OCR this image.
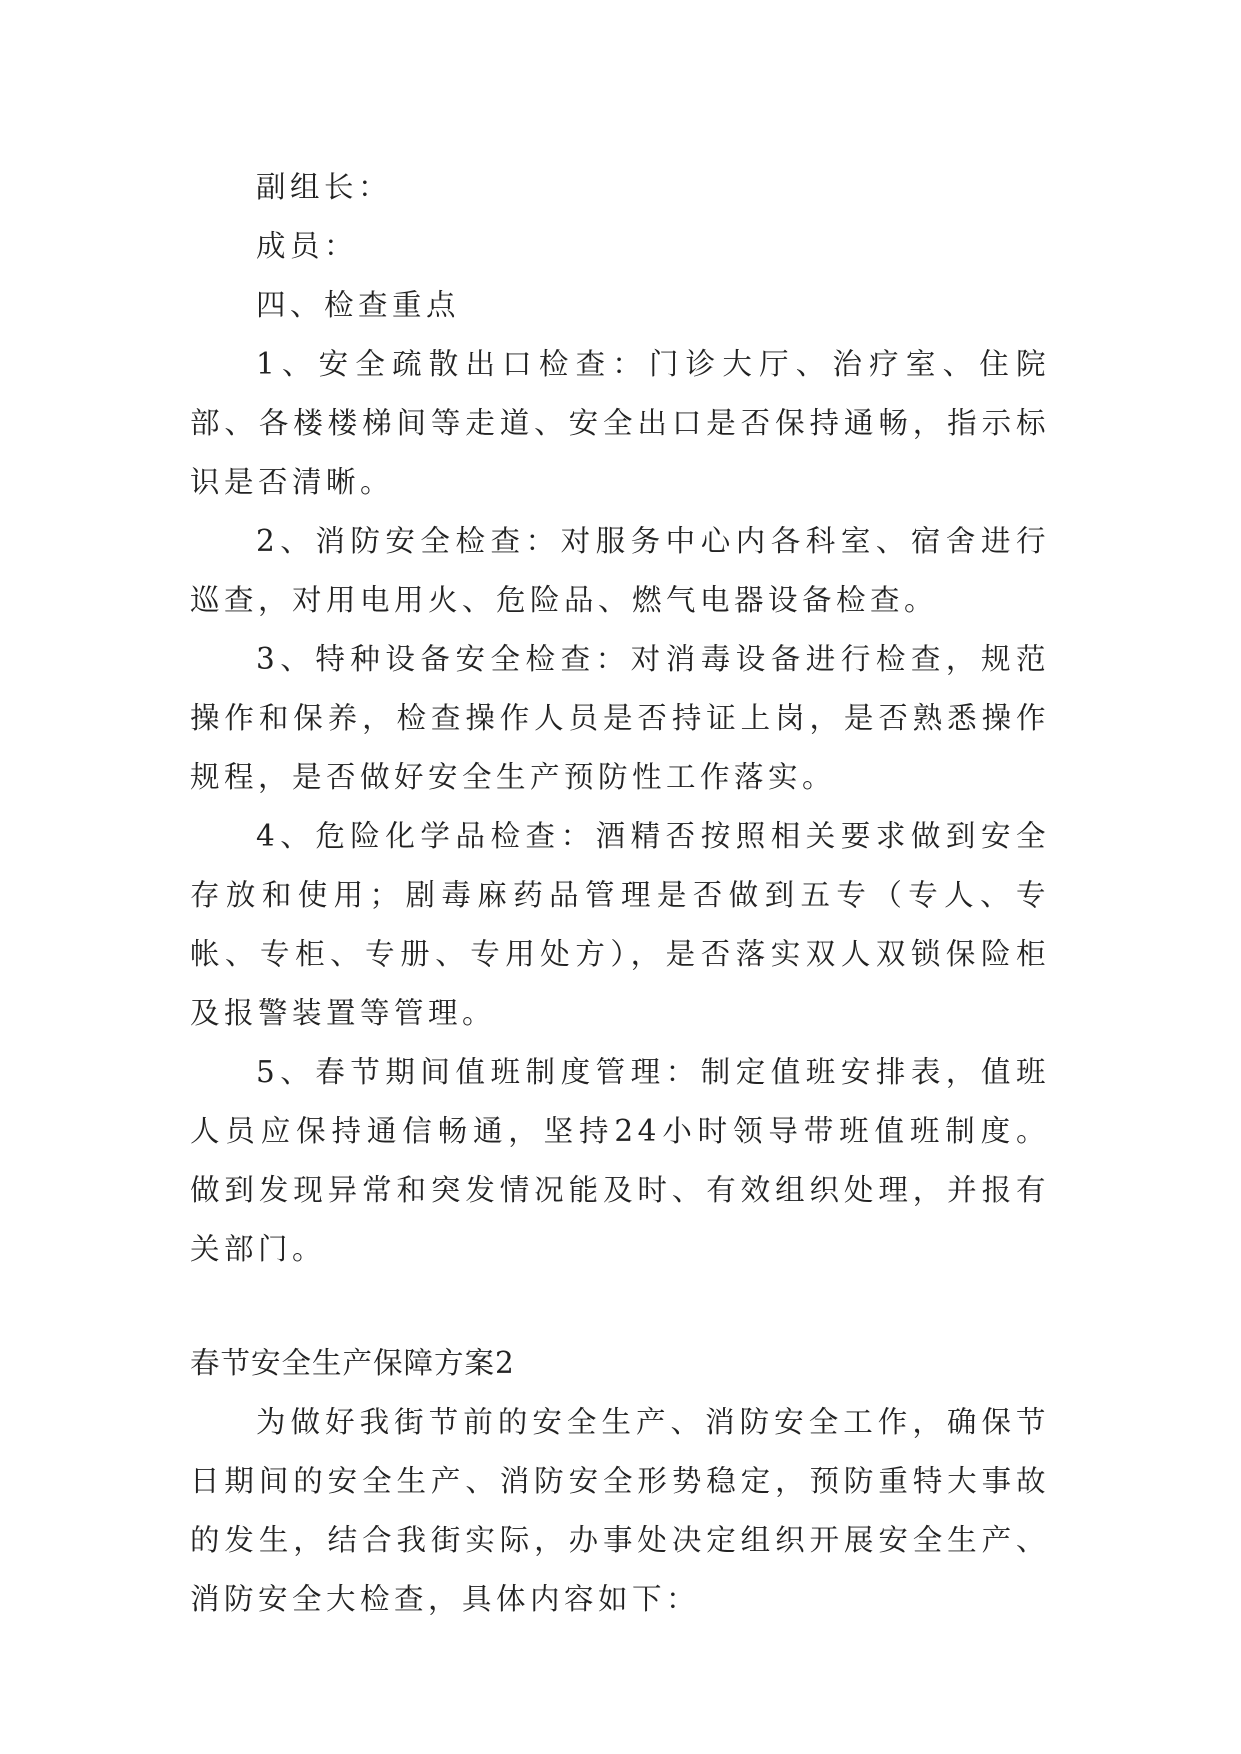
副组长：

成员：

四、检查重点

1、安全疏散出口检查：门诊大厅、治疗室、住院部、各楼楼梯间等走道、安全出口是否保持通畅，指示标识是否清晰。

2、消防安全检查：对服务中心内各科室、宿舍进行巡查，对用电用火、危险品、燃气电器设备检查。

3、特种设备安全检查：对消毒设备进行检查，规范操作和保养，检查操作人员是否持证上岗，是否熟悉操作规程，是否做好安全生产预防性工作落实。

4、危险化学品检查：酒精否按照相关要求做到安全存放和使用；剧毒麻药品管理是否做到五专（专人、专帐、专柜、专册、专用处方），是否落实双人双锁保险柜及报警装置等管理。

5、春节期间值班制度管理：制定值班安排表，值班人员应保持通信畅通，坚持24小时领导带班值班制度。做到发现异常和突发情况能及时、有效组织处理，并报有关部门。

春节安全生产保障方案2

为做好我街节前的安全生产、消防安全工作，确保节日期间的安全生产、消防安全形势稳定，预防重特大事故的发生，结合我街实际，办事处决定组织开展安全生产、消防安全大检查，具体内容如下：
